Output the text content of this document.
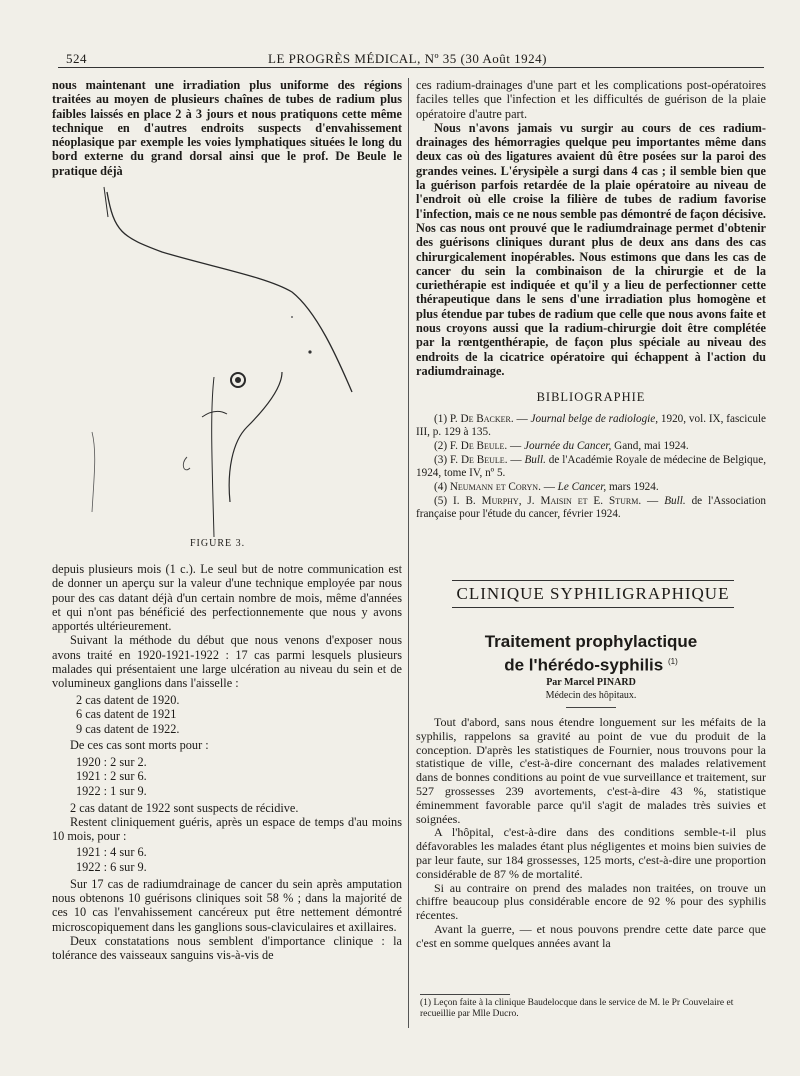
524	LE PROGRÈS MÉDICAL, Nº 35 (30 Août 1924)

nous maintenant une irradiation plus uniforme des régions traitées au moyen de plusieurs chaînes de tubes de radium plus faibles laissés en place 2 à 3 jours et nous pratiquons cette même technique en d'autres endroits suspects d'envahissement néoplasique par exemple les voies lymphatiques situées le long du bord externe du grand dorsal ainsi que le prof. De Beule le pratique déjà

FIGURE 3.

depuis plusieurs mois (1 c.). Le seul but de notre communication est de donner un aperçu sur la valeur d'une technique employée par nous pour des cas datant déjà d'un certain nombre de mois, même d'années et qui n'ont pas bénéficié des perfectionnemente que nous y avons apportés ultérieurement.

Suivant la méthode du début que nous venons d'exposer nous avons traité en 1920-1921-1922 : 17 cas parmi lesquels plusieurs malades qui présentaient une large ulcération au niveau du sein et de volumineux ganglions dans l'aisselle :

2 cas datent de 1920.
6 cas datent de 1921
9 cas datent de 1922.

De ces cas sont morts pour :

1920 : 2 sur 2.
1921 : 2 sur 6.
1922 : 1 sur 9.

2 cas datant de 1922 sont suspects de récidive.

Restent cliniquement guéris, après un espace de temps d'au moins 10 mois, pour :

1921 : 4 sur 6.
1922 : 6 sur 9.

Sur 17 cas de radiumdrainage de cancer du sein après amputation nous obtenons 10 guérisons cliniques soit 58 % ; dans la majorité de ces 10 cas l'envahissement cancéreux put être nettement démontré microscopiquement dans les ganglions sous-claviculaires et axillaires.

Deux constatations nous semblent d'importance clinique : la tolérance des vaisseaux sanguins vis-à-vis de

ces radium-drainages d'une part et les complications post-opératoires faciles telles que l'infection et les difficultés de guérison de la plaie opératoire d'autre part.

Nous n'avons jamais vu surgir au cours de ces radium-drainages des hémorragies quelque peu importantes même dans deux cas où des ligatures avaient dû être posées sur la paroi des grandes veines. L'érysipèle a surgi dans 4 cas ; il semble bien que la guérison parfois retardée de la plaie opératoire au niveau de l'endroit où elle croise la filière de tubes de radium favorise l'infection, mais ce ne nous semble pas démontré de façon décisive. Nos cas nous ont prouvé que le radiumdrainage permet d'obtenir des guérisons cliniques durant plus de deux ans dans des cas chirurgicalement inopérables. Nous estimons que dans les cas de cancer du sein la combinaison de la chirurgie et de la curiethérapie est indiquée et qu'il y a lieu de perfectionner cette thérapeutique dans le sens d'une irradiation plus homogène et plus étendue par tubes de radium que celle que nous avons faite et nous croyons aussi que la radium-chirurgie doit être complétée par la rœntgenthérapie, de façon plus spéciale au niveau des endroits de la cicatrice opératoire qui échappent à l'action du radiumdrainage.

BIBLIOGRAPHIE

(1) P. De Backer. — Journal belge de radiologie, 1920, vol. IX, fascicule III, p. 129 à 135.

(2) F. De Beule. — Journée du Cancer, Gand, mai 1924.

(3) F. De Beule. — Bull. de l'Académie Royale de médecine de Belgique, 1924, tome IV, nº 5.

(4) Neumann et Coryn. — Le Cancer, mars 1924.

(5) I. B. Murphy, J. Maisin et E. Sturm. — Bull. de l'Association française pour l'étude du cancer, février 1924.

CLINIQUE SYPHILIGRAPHIQUE
Traitement prophylactique
de l'hérédo-syphilis $^{(1)}$
Par Marcel PINARD
Médecin des hôpitaux.

Tout d'abord, sans nous étendre longuement sur les méfaits de la syphilis, rappelons sa gravité au point de vue du produit de la conception. D'après les statistiques de Fournier, nous trouvons pour la statistique de ville, c'est-à-dire concernant des malades relativement dans de bonnes conditions au point de vue surveillance et traitement, sur 527 grossesses 239 avortements, c'est-à-dire 43 %, statistique éminemment favorable parce qu'il s'agit de malades très suivies et soignées.

A l'hôpital, c'est-à-dire dans des conditions semble-t-il plus défavorables les malades étant plus négligentes et moins bien suivies de par leur faute, sur 184 grossesses, 125 morts, c'est-à-dire une proportion considérable de 87 % de mortalité.

Si au contraire on prend des malades non traitées, on trouve un chiffre beaucoup plus considérable encore de 92 % pour des syphilis récentes.

Avant la guerre, — et nous pouvons prendre cette date parce que c'est en somme quelques années avant la

(1) Leçon faite à la clinique Baudelocque dans le service de M. le Pr Couvelaire et recueillie par Mlle Ducro.
